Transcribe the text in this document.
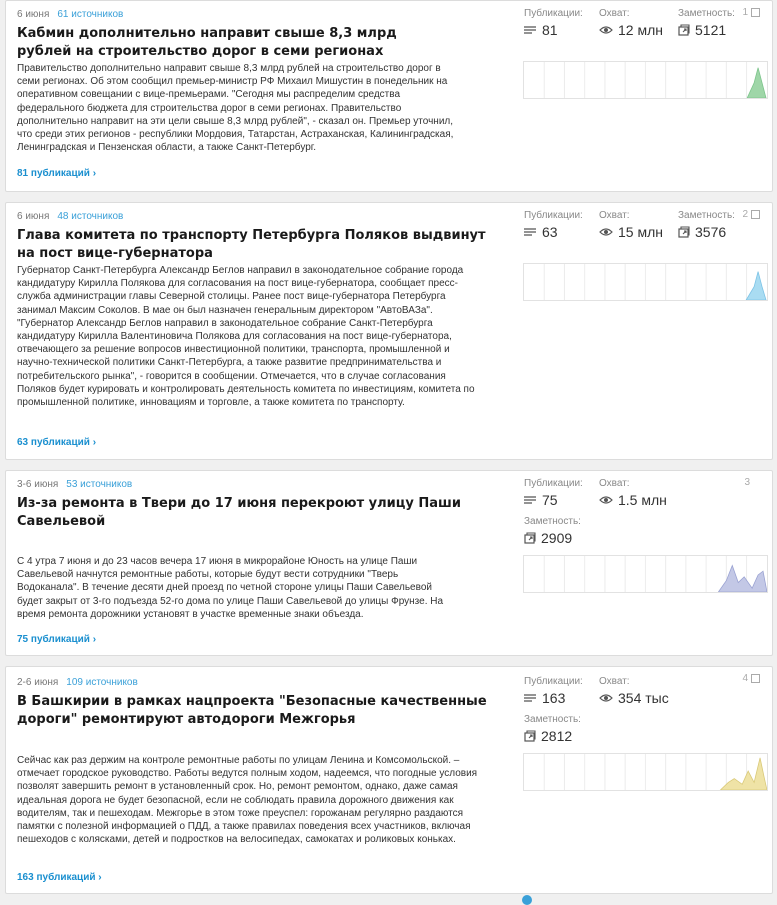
6 июня 61 источников
Кабмин дополнительно направит свыше 8,3 млрд рублей на строительство дорог в семи регионах
Правительство дополнительно направит свыше 8,3 млрд рублей на строительство дорог в семи регионах. Об этом сообщил премьер-министр РФ Михаил Мишустин в понедельник на оперативном совещании с вице-премьерами. "Сегодня мы распределим средства федерального бюджета для строительства дорог в семи регионах. Правительство дополнительно направит на эти цели свыше 8,3 млрд рублей", - сказал он. Премьер уточнил, что среди этих регионов - республики Мордовия, Татарстан, Астраханская, Калининградская, Ленинградская и Пензенская области, а также Санкт-Петербург.
81 публикаций ›
Публикации:
81
Охват:
12 млн
Заметность:
5121
1
6 июня 48 источников
Глава комитета по транспорту Петербурга Поляков выдвинут на пост вице-губернатора
Губернатор Санкт-Петербурга Александр Беглов направил в законодательное собрание города кандидатуру Кирилла Полякова для согласования на пост вице-губернатора, сообщает пресс-служба администрации главы Северной столицы. Ранее пост вице-губернатора Петербурга занимал Максим Соколов. В мае он был назначен генеральным директором "АвтоВАЗа". "Губернатор Александр Беглов направил в законодательное собрание Санкт-Петербурга кандидатуру Кирилла Валентиновича Полякова для согласования на пост вице-губернатора, отвечающего за решение вопросов инвестиционной политики, транспорта, промышленной и научно-технической политики Санкт-Петербурга, а также развитие предпринимательства и потребительского рынка", - говорится в сообщении. Отмечается, что в случае согласования Поляков будет курировать и контролировать деятельность комитета по инвестициям, комитета по промышленной политике, инновациям и торговле, а также комитета по транспорту.
63 публикаций ›
Публикации:
63
Охват:
15 млн
Заметность:
3576
2
3-6 июня 53 источников
Из-за ремонта в Твери до 17 июня перекроют улицу Паши Савельевой
С 4 утра 7 июня и до 23 часов вечера 17 июня в микрорайоне Юность на улице Паши Савельевой начнутся ремонтные работы, которые будут вести сотрудники "Тверь Водоканала". В течение десяти дней проезд по четной стороне улицы Паши Савельевой будет закрыт от 3-го подъезда 52-го дома по улице Паши Савельевой до улицы Фрунзе. На время ремонта дорожники установят в участке временные знаки объезда.
75 публикаций ›
Публикации:
75
Охват:
1.5 млн
Заметность:
2909
3
2-6 июня 109 источников
В Башкирии в рамках нацпроекта "Безопасные качественные дороги" ремонтируют автодороги Межгорья
Сейчас как раз держим на контроле ремонтные работы по улицам Ленина и Комсомольской. – отмечает городское руководство. Работы ведутся полным ходом, надеемся, что погодные условия позволят завершить ремонт в установленный срок. Но, ремонт ремонтом, однако, даже самая идеальная дорога не будет безопасной, если не соблюдать правила дорожного движения как водителям, так и пешеходам. Межгорье в этом тоже преуспел: горожанам регулярно раздаются памятки с полезной информацией о ПДД, а также правилах поведения всех участников, включая пешеходов с колясками, детей и подростков на велосипедах, самокатах и роликовых коньках.
163 публикаций ›
Публикации:
163
Охват:
354 тыс
Заметность:
2812
4
